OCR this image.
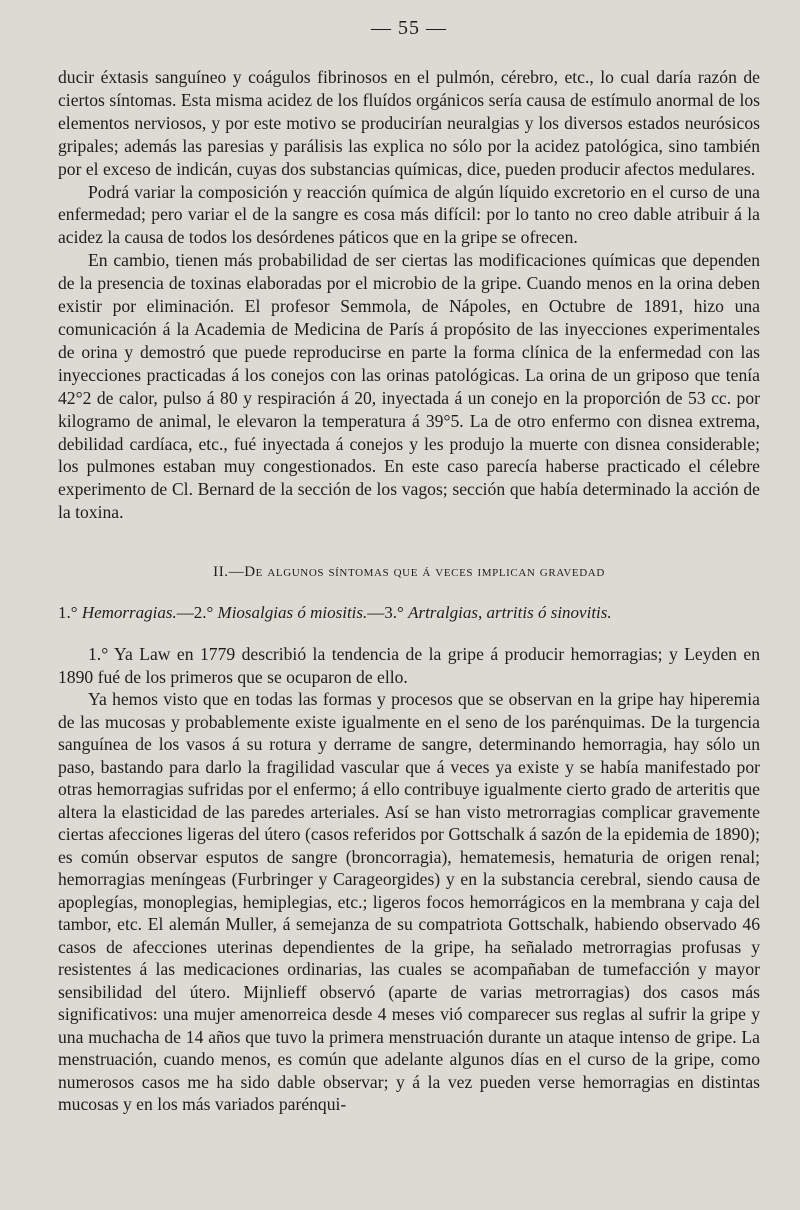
— 55 —

ducir éxtasis sanguíneo y coágulos fibrinosos en el pulmón, cérebro, etc., lo cual daría razón de ciertos síntomas. Esta misma acidez de los fluídos orgánicos sería causa de estímulo anormal de los elementos nerviosos, y por este motivo se producirían neuralgias y los diversos estados neurósicos gripales; además las paresias y parálisis las explica no sólo por la acidez patológica, sino también por el exceso de indicán, cuyas dos substancias químicas, dice, pueden producir afectos medulares.

Podrá variar la composición y reacción química de algún líquido excretorio en el curso de una enfermedad; pero variar el de la sangre es cosa más difícil: por lo tanto no creo dable atribuir á la acidez la causa de todos los desórdenes páticos que en la gripe se ofrecen.

En cambio, tienen más probabilidad de ser ciertas las modificaciones químicas que dependen de la presencia de toxinas elaboradas por el microbio de la gripe. Cuando menos en la orina deben existir por eliminación. El profesor Semmola, de Nápoles, en Octubre de 1891, hizo una comunicación á la Academia de Medicina de París á propósito de las inyecciones experimentales de orina y demostró que puede reproducirse en parte la forma clínica de la enfermedad con las inyecciones practicadas á los conejos con las orinas patológicas. La orina de un griposo que tenía 42°2 de calor, pulso á 80 y respiración á 20, inyectada á un conejo en la proporción de 53 cc. por kilogramo de animal, le elevaron la temperatura á 39°5. La de otro enfermo con disnea extrema, debilidad cardíaca, etc., fué inyectada á conejos y les produjo la muerte con disnea considerable; los pulmones estaban muy congestionados. En este caso parecía haberse practicado el célebre experimento de Cl. Bernard de la sección de los vagos; sección que había determinado la acción de la toxina.

II.—De algunos síntomas que á veces implican gravedad
1.° Hemorragias.—2.° Miosalgias ó miositis.—3.° Artralgias, artritis ó sinovitis.

1.° Ya Law en 1779 describió la tendencia de la gripe á producir hemorragias; y Leyden en 1890 fué de los primeros que se ocuparon de ello.

Ya hemos visto que en todas las formas y procesos que se observan en la gripe hay hiperemia de las mucosas y probablemente existe igualmente en el seno de los parénquimas. De la turgencia sanguínea de los vasos á su rotura y derrame de sangre, determinando hemorragia, hay sólo un paso, bastando para darlo la fragilidad vascular que á veces ya existe y se había manifestado por otras hemorragias sufridas por el enfermo; á ello contribuye igualmente cierto grado de arteritis que altera la elasticidad de las paredes arteriales. Así se han visto metrorragias complicar gravemente ciertas afecciones ligeras del útero (casos referidos por Gottschalk á sazón de la epidemia de 1890); es común observar esputos de sangre (broncorragia), hematemesis, hematuria de origen renal; hemorragias meníngeas (Furbringer y Carageorgides) y en la substancia cerebral, siendo causa de apoplegías, monoplegias, hemiplegias, etc.; ligeros focos hemorrágicos en la membrana y caja del tambor, etc. El alemán Muller, á semejanza de su compatriota Gottschalk, habiendo observado 46 casos de afecciones uterinas dependientes de la gripe, ha señalado metrorragias profusas y resistentes á las medicaciones ordinarias, las cuales se acompañaban de tumefacción y mayor sensibilidad del útero. Mijnlieff observó (aparte de varias metrorragias) dos casos más significativos: una mujer amenorreica desde 4 meses vió comparecer sus reglas al sufrir la gripe y una muchacha de 14 años que tuvo la primera menstruación durante un ataque intenso de gripe. La menstruación, cuando menos, es común que adelante algunos días en el curso de la gripe, como numerosos casos me ha sido dable observar; y á la vez pueden verse hemorragias en distintas mucosas y en los más variados parénqui-
